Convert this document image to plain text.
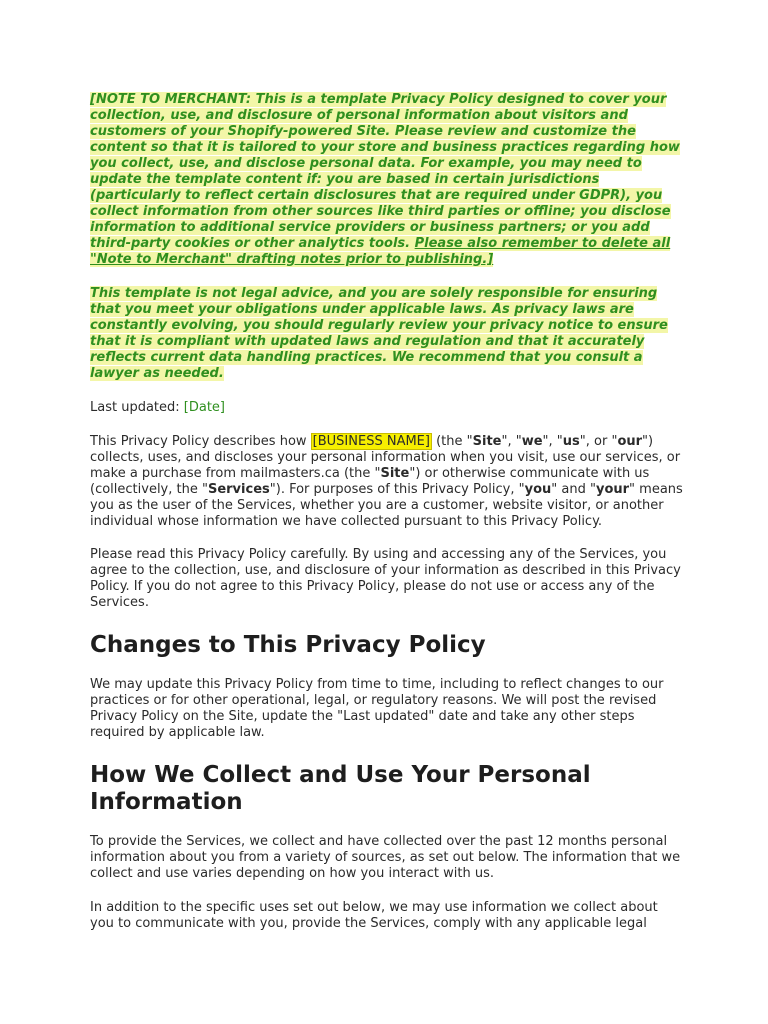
[NOTE TO MERCHANT: This is a template Privacy Policy designed to cover your collection, use, and disclosure of personal information about visitors and customers of your Shopify-powered Site. Please review and customize the content so that it is tailored to your store and business practices regarding how you collect, use, and disclose personal data. For example, you may need to update the template content if: you are based in certain jurisdictions (particularly to reflect certain disclosures that are required under GDPR), you collect information from other sources like third parties or offline; you disclose information to additional service providers or business partners; or you add third-party cookies or other analytics tools. Please also remember to delete all "Note to Merchant" drafting notes prior to publishing.]

This template is not legal advice, and you are solely responsible for ensuring that you meet your obligations under applicable laws. As privacy laws are constantly evolving, you should regularly review your privacy notice to ensure that it is compliant with updated laws and regulation and that it accurately reflects current data handling practices. We recommend that you consult a lawyer as needed.

Last updated: [Date]

This Privacy Policy describes how [BUSINESS NAME] (the "Site", "we", "us", or "our") collects, uses, and discloses your personal information when you visit, use our services, or make a purchase from mailmasters.ca (the "Site") or otherwise communicate with us (collectively, the "Services"). For purposes of this Privacy Policy, "you" and "your" means you as the user of the Services, whether you are a customer, website visitor, or another individual whose information we have collected pursuant to this Privacy Policy.

Please read this Privacy Policy carefully. By using and accessing any of the Services, you agree to the collection, use, and disclosure of your information as described in this Privacy Policy. If you do not agree to this Privacy Policy, please do not use or access any of the Services.

Changes to This Privacy Policy

We may update this Privacy Policy from time to time, including to reflect changes to our practices or for other operational, legal, or regulatory reasons. We will post the revised Privacy Policy on the Site, update the "Last updated" date and take any other steps required by applicable law.

How We Collect and Use Your Personal Information

To provide the Services, we collect and have collected over the past 12 months personal information about you from a variety of sources, as set out below. The information that we collect and use varies depending on how you interact with us.

In addition to the specific uses set out below, we may use information we collect about you to communicate with you, provide the Services, comply with any applicable legal
